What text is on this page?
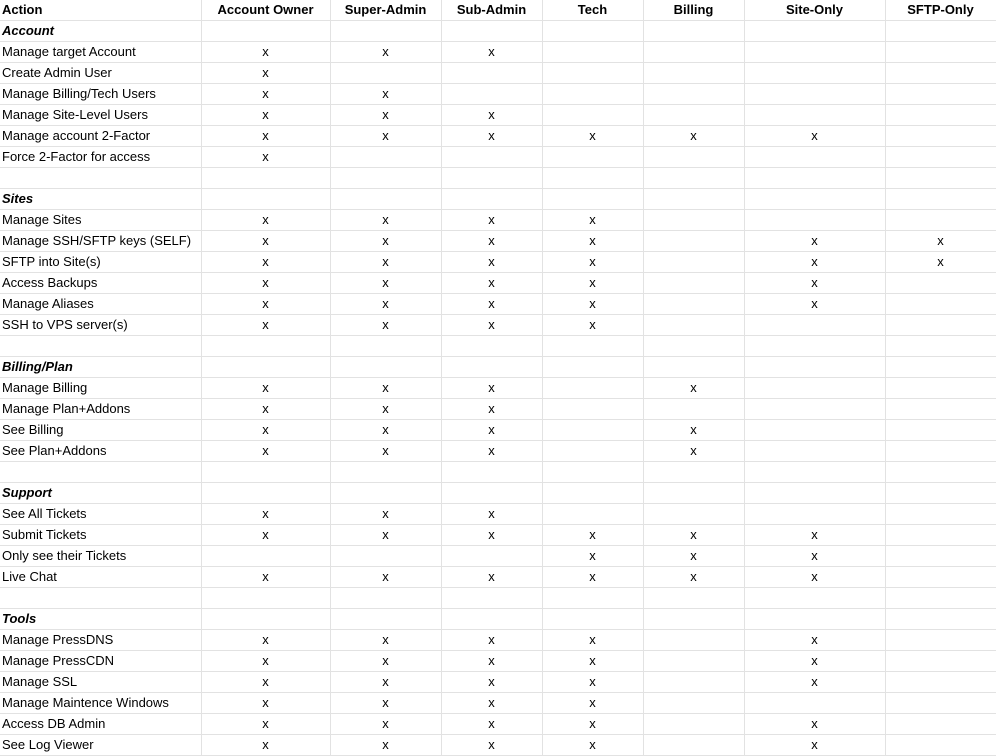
Action	Account Owner	Super-Admin	Sub-Admin	Tech	Billing	Site-Only	SFTP-Only
Account							
Manage target Account	x	x	x				
Create Admin User	x						
Manage Billing/Tech Users	x	x					
Manage Site-Level Users	x	x	x				
Manage account 2-Factor	x	x	x	x	x	x	
Force 2-Factor for access	x						

Sites							
Manage Sites	x	x	x	x			
Manage SSH/SFTP keys (SELF)	x	x	x	x		x	x
SFTP into Site(s)	x	x	x	x		x	x
Access Backups	x	x	x	x		x	
Manage Aliases	x	x	x	x		x	
SSH to VPS server(s)	x	x	x	x			

Billing/Plan							
Manage Billing	x	x	x		x		
Manage Plan+Addons	x	x	x				
See Billing	x	x	x		x		
See Plan+Addons	x	x	x		x		

Support							
See All Tickets	x	x	x				
Submit Tickets	x	x	x	x	x	x	
Only see their Tickets				x	x	x	
Live Chat	x	x	x	x	x	x	

Tools							
Manage PressDNS	x	x	x	x		x	
Manage PressCDN	x	x	x	x		x	
Manage SSL	x	x	x	x		x	
Manage Maintence Windows	x	x	x	x			
Access DB Admin	x	x	x	x		x	
See Log Viewer	x	x	x	x		x	
